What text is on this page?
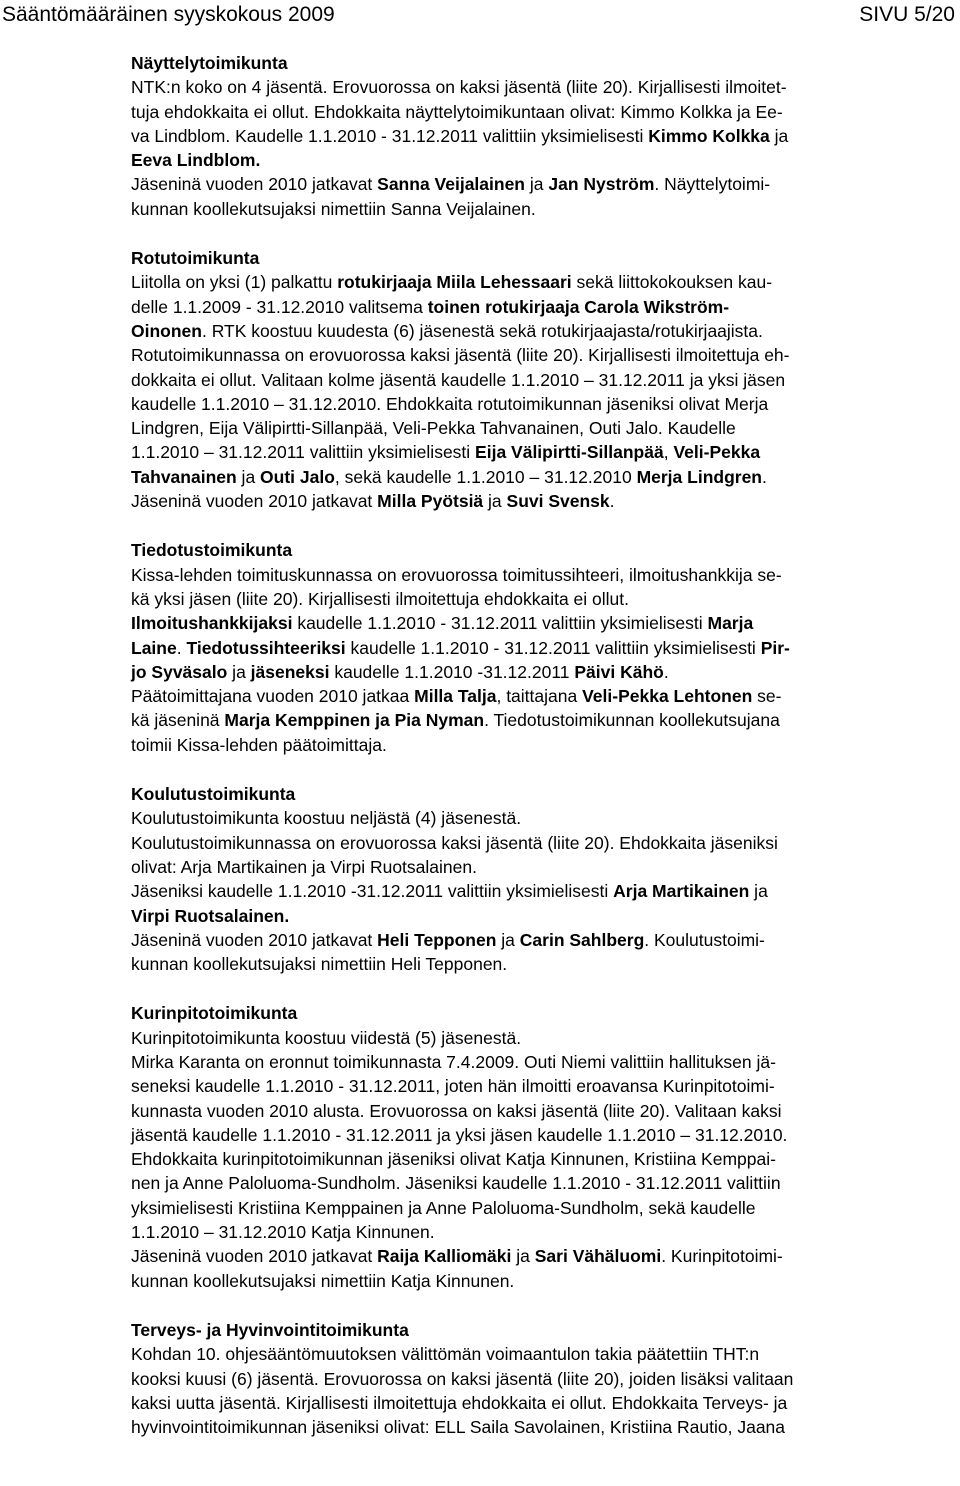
Sääntömääräinen syyskokous 2009	SIVU 5/20
Näyttelytoimikunta
NTK:n koko on 4 jäsentä. Erovuorossa on kaksi jäsentä (liite 20). Kirjallisesti ilmoitet-
tuja ehdokkaita ei ollut. Ehdokkaita näyttelytoimikuntaan olivat: Kimmo Kolkka ja Ee-
va Lindblom. Kaudelle 1.1.2010 - 31.12.2011 valittiin yksimielisesti Kimmo Kolkka ja
Eeva Lindblom.
Jäseninä vuoden 2010 jatkavat Sanna Veijalainen ja Jan Nyström. Näyttelytoimi-
kunnan koollekutsujaksi nimettiin Sanna Veijalainen.
Rotutoimikunta
Liitolla on yksi (1) palkattu rotukirjaaja Miila Lehessaari sekä liittokokouksen kau-
delle 1.1.2009 - 31.12.2010 valitsema toinen rotukirjaaja Carola Wikström-
Oinonen. RTK koostuu kuudesta (6) jäsenestä sekä rotukirjaajasta/rotukirjaajista.
Rotutoimikunnassa on erovuorossa kaksi jäsentä (liite 20). Kirjallisesti ilmoitettuja eh-
dokkaita ei ollut. Valitaan kolme jäsentä kaudelle 1.1.2010 – 31.12.2011 ja yksi jäsen
kaudelle 1.1.2010 – 31.12.2010. Ehdokkaita rotutoimikunnan jäseniksi olivat Merja
Lindgren, Eija Välipirtti-Sillanpää, Veli-Pekka Tahvanainen, Outi Jalo. Kaudelle
1.1.2010 – 31.12.2011 valittiin yksimielisesti Eija Välipirtti-Sillanpää, Veli-Pekka
Tahvanainen ja Outi Jalo, sekä kaudelle 1.1.2010 – 31.12.2010 Merja Lindgren.
Jäseninä vuoden 2010 jatkavat Milla Pyötsiä ja Suvi Svensk.
Tiedotustoimikunta
Kissa-lehden toimituskunnassa on erovuorossa toimitussihteeri, ilmoitushankkija se-
kä yksi jäsen (liite 20). Kirjallisesti ilmoitettuja ehdokkaita ei ollut.
Ilmoitushankkijaksi kaudelle 1.1.2010 - 31.12.2011 valittiin yksimielisesti Marja
Laine. Tiedotussihteeriksi kaudelle 1.1.2010 - 31.12.2011 valittiin yksimielisesti Pir-
jo Syväsalo ja jäseneksi kaudelle 1.1.2010 -31.12.2011 Päivi Kähö.
Päätoimittajana vuoden 2010 jatkaa Milla Talja, taittajana Veli-Pekka Lehtonen se-
kä jäseninä Marja Kemppinen ja Pia Nyman. Tiedotustoimikunnan koollekutsujana
toimii Kissa-lehden päätoimittaja.
Koulutustoimikunta
Koulutustoimikunta koostuu neljästä (4) jäsenestä.
Koulutustoimikunnassa on erovuorossa kaksi jäsentä (liite 20). Ehdokkaita jäseniksi
olivat: Arja Martikainen ja Virpi Ruotsalainen.
Jäseniksi kaudelle 1.1.2010 -31.12.2011 valittiin yksimielisesti Arja Martikainen ja
Virpi Ruotsalainen.
Jäseninä vuoden 2010 jatkavat Heli Tepponen ja Carin Sahlberg. Koulutustoimi-
kunnan koollekutsujaksi nimettiin Heli Tepponen.
Kurinpitotoimikunta
Kurinpitotoimikunta koostuu viidestä (5) jäsenestä.
Mirka Karanta on eronnut toimikunnasta 7.4.2009. Outi Niemi valittiin hallituksen jä-
seneksi kaudelle 1.1.2010 - 31.12.2011, joten hän ilmoitti eroavansa Kurinpitotoimi-
kunnasta vuoden 2010 alusta. Erovuorossa on kaksi jäsentä (liite 20). Valitaan kaksi
jäsentä kaudelle 1.1.2010 - 31.12.2011 ja yksi jäsen kaudelle 1.1.2010 – 31.12.2010.
Ehdokkaita kurinpitotoimikunnan jäseniksi olivat Katja Kinnunen, Kristiina Kemppai-
nen ja Anne Paloluoma-Sundholm. Jäseniksi kaudelle 1.1.2010 - 31.12.2011 valittiin
yksimielisesti Kristiina Kemppainen ja Anne Paloluoma-Sundholm, sekä kaudelle
1.1.2010 – 31.12.2010 Katja Kinnunen.
Jäseninä vuoden 2010 jatkavat Raija Kalliomäki ja Sari Vähäluomi. Kurinpitotoimi-
kunnan koollekutsujaksi nimettiin Katja Kinnunen.
Terveys- ja Hyvinvointitoimikunta
Kohdan 10. ohjesääntömuutoksen välittömän voimaantulon takia päätettiin THT:n
kooksi kuusi (6) jäsentä. Erovuorossa on kaksi jäsentä (liite 20), joiden lisäksi valitaan
kaksi uutta jäsentä. Kirjallisesti ilmoitettuja ehdokkaita ei ollut. Ehdokkaita Terveys- ja
hyvinvointitoimikunnan jäseniksi olivat: ELL Saila Savolainen, Kristiina Rautio, Jaana
